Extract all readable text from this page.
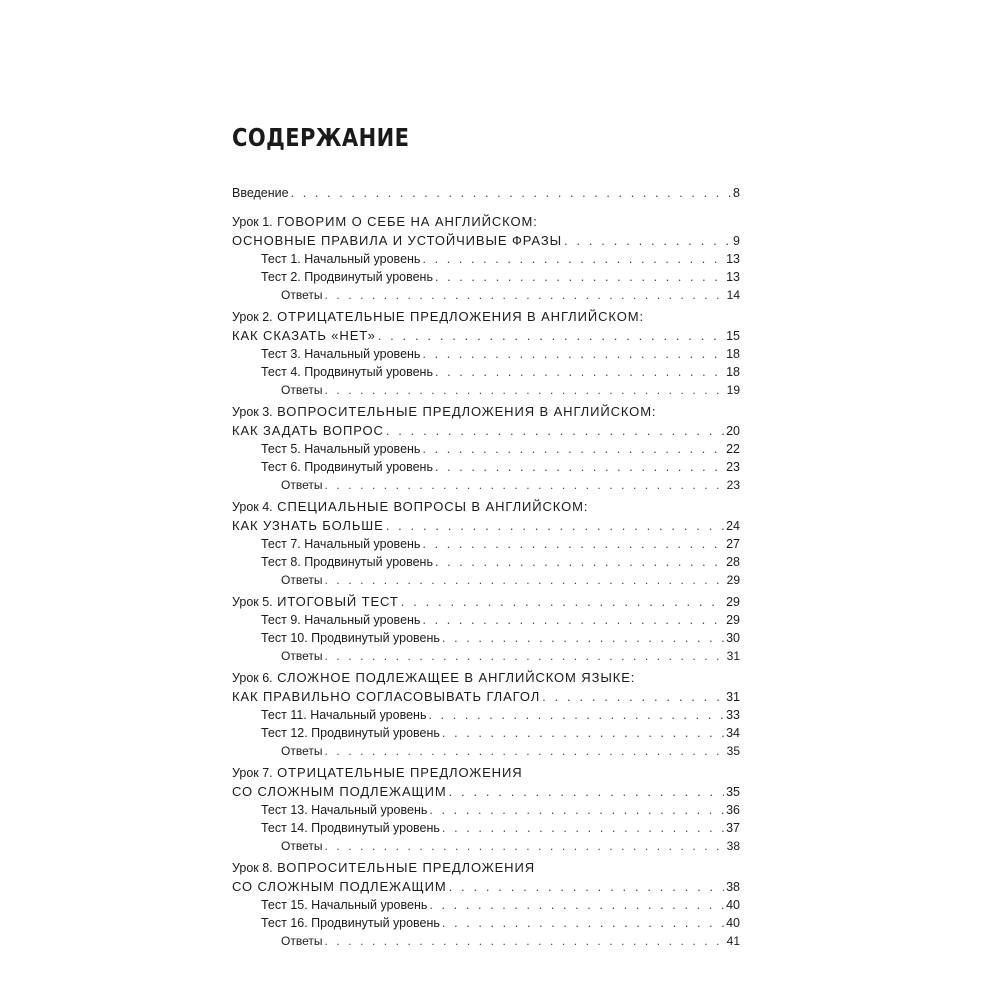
СОДЕРЖАНИЕ
Введение . . .	8
Урок 1. ГОВОРИМ О СЕБЕ НА АНГЛИЙСКОМ:
ОСНОВНЫЕ ПРАВИЛА И УСТОЙЧИВЫЕ ФРАЗЫ . . .	9
Тест 1. Начальный уровень . . .	13
Тест 2. Продвинутый уровень . . .	13
Ответы . . .	14
Урок 2. ОТРИЦАТЕЛЬНЫЕ ПРЕДЛОЖЕНИЯ В АНГЛИЙСКОМ:
КАК СКАЗАТЬ «НЕТ» . . .	15
Тест 3. Начальный уровень . . .	18
Тест 4. Продвинутый уровень . . .	18
Ответы . . .	19
Урок 3. ВОПРОСИТЕЛЬНЫЕ ПРЕДЛОЖЕНИЯ В АНГЛИЙСКОМ:
КАК ЗАДАТЬ ВОПРОС . . .	20
Тест 5. Начальный уровень . . .	22
Тест 6. Продвинутый уровень . . .	23
Ответы . . .	23
Урок 4. СПЕЦИАЛЬНЫЕ ВОПРОСЫ В АНГЛИЙСКОМ:
КАК УЗНАТЬ БОЛЬШЕ . . .	24
Тест 7. Начальный уровень . . .	27
Тест 8. Продвинутый уровень . . .	28
Ответы . . .	29
Урок 5. ИТОГОВЫЙ ТЕСТ . . .	29
Тест 9. Начальный уровень . . .	29
Тест 10. Продвинутый уровень . . .	30
Ответы . . .	31
Урок 6. СЛОЖНОЕ ПОДЛЕЖАЩЕЕ В АНГЛИЙСКОМ ЯЗЫКЕ:
КАК ПРАВИЛЬНО СОГЛАСОВЫВАТЬ ГЛАГОЛ . . .	31
Тест 11. Начальный уровень . . .	33
Тест 12. Продвинутый уровень . . .	34
Ответы . . .	35
Урок 7. ОТРИЦАТЕЛЬНЫЕ ПРЕДЛОЖЕНИЯ
СО СЛОЖНЫМ ПОДЛЕЖАЩИМ . . .	35
Тест 13. Начальный уровень . . .	36
Тест 14. Продвинутый уровень . . .	37
Ответы . . .	38
Урок 8. ВОПРОСИТЕЛЬНЫЕ ПРЕДЛОЖЕНИЯ
СО СЛОЖНЫМ ПОДЛЕЖАЩИМ . . .	38
Тест 15. Начальный уровень . . .	40
Тест 16. Продвинутый уровень . . .	40
Ответы . . .	41
